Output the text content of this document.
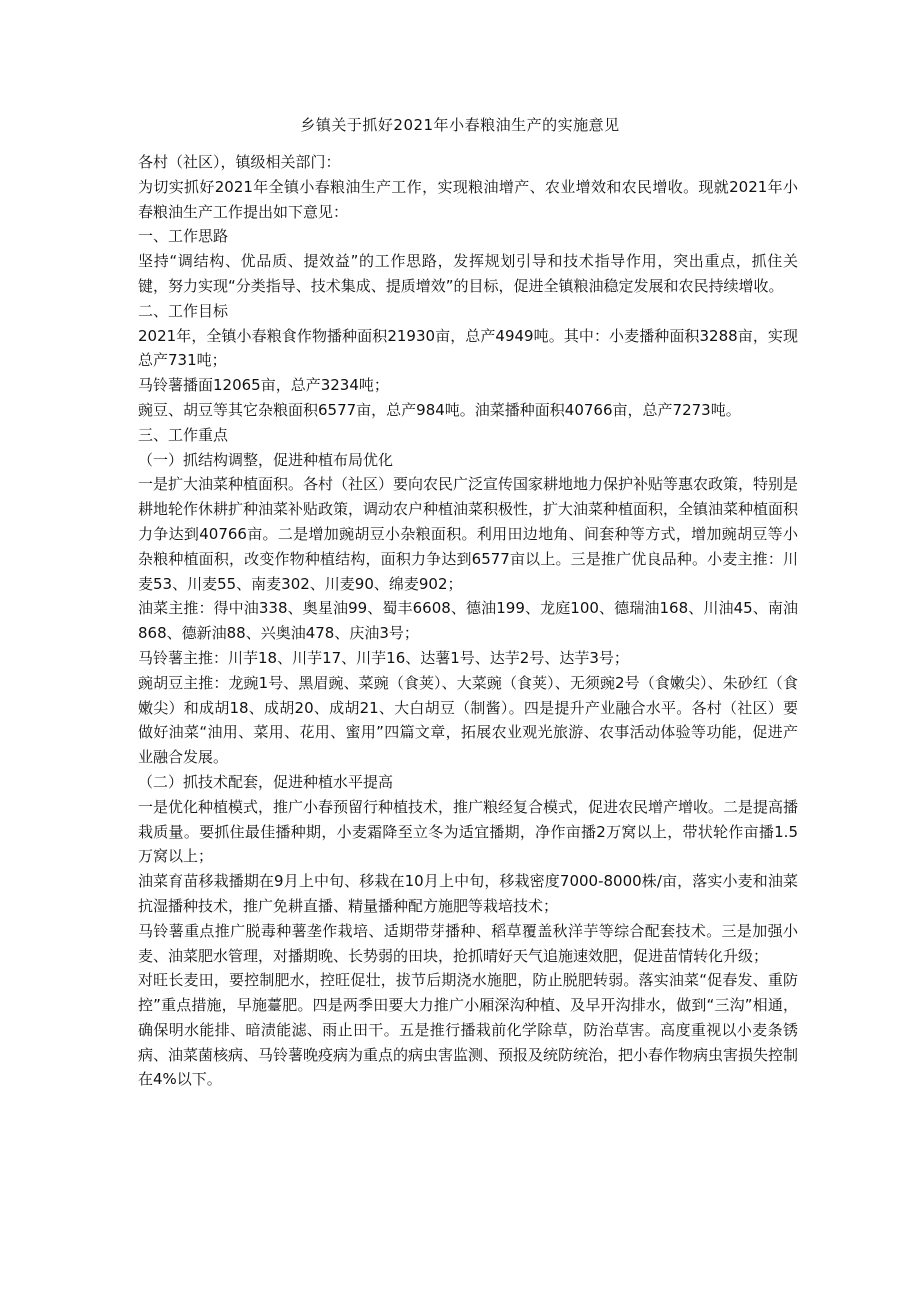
乡镇关于抓好2021年小春粮油生产的实施意见

各村（社区），镇级相关部门：

为切实抓好2021年全镇小春粮油生产工作，实现粮油增产、农业增效和农民增收。现就2021年小春粮油生产工作提出如下意见：

一、工作思路

坚持“调结构、优品质、提效益”的工作思路，发挥规划引导和技术指导作用，突出重点，抓住关键，努力实现“分类指导、技术集成、提质增效”的目标，促进全镇粮油稳定发展和农民持续增收。

二、工作目标

2021年，全镇小春粮食作物播种面积21930亩，总产4949吨。其中：小麦播种面积3288亩，实现总产731吨；

马铃薯播面12065亩，总产3234吨；

豌豆、胡豆等其它杂粮面积6577亩，总产984吨。油菜播种面积40766亩，总产7273吨。

三、工作重点

（一）抓结构调整，促进种植布局优化

一是扩大油菜种植面积。各村（社区）要向农民广泛宣传国家耕地地力保护补贴等惠农政策，特别是耕地轮作休耕扩种油菜补贴政策，调动农户种植油菜积极性，扩大油菜种植面积，全镇油菜种植面积力争达到40766亩。二是增加豌胡豆小杂粮面积。利用田边地角、间套种等方式，增加豌胡豆等小杂粮种植面积，改变作物种植结构，面积力争达到6577亩以上。三是推广优良品种。小麦主推：川麦53、川麦55、南麦302、川麦90、绵麦902；

油菜主推：得中油338、奥星油99、蜀丰6608、德油199、龙庭100、德瑞油168、川油45、南油868、德新油88、兴奥油478、庆油3号；

马铃薯主推：川芋18、川芋17、川芋16、达薯1号、达芋2号、达芋3号；

豌胡豆主推：龙豌1号、黑眉豌、菜豌（食荚）、大菜豌（食荚）、无须豌2号（食嫩尖）、朱砂红（食嫩尖）和成胡18、成胡20、成胡21、大白胡豆（制酱）。四是提升产业融合水平。各村（社区）要做好油菜“油用、菜用、花用、蜜用”四篇文章，拓展农业观光旅游、农事活动体验等功能，促进产业融合发展。

（二）抓技术配套，促进种植水平提高

一是优化种植模式，推广小春预留行种植技术，推广粮经复合模式，促进农民增产增收。二是提高播栽质量。要抓住最佳播种期，小麦霜降至立冬为适宜播期，净作亩播2万窝以上，带状轮作亩播1.5万窝以上；

油菜育苗移栽播期在9月上中旬、移栽在10月上中旬，移栽密度7000-8000株/亩，落实小麦和油菜抗湿播种技术，推广免耕直播、精量播种配方施肥等栽培技术；

马铃薯重点推广脱毒种薯垄作栽培、适期带芽播种、稻草覆盖秋洋芋等综合配套技术。三是加强小麦、油菜肥水管理，对播期晚、长势弱的田块，抢抓晴好天气追施速效肥，促进苗情转化升级；

对旺长麦田，要控制肥水，控旺促壮，拔节后期浇水施肥，防止脱肥转弱。落实油菜“促春发、重防控”重点措施，早施薹肥。四是两季田要大力推广小厢深沟种植、及早开沟排水，做到“三沟”相通，确保明水能排、暗渍能滤、雨止田干。五是推行播栽前化学除草，防治草害。高度重视以小麦条锈病、油菜菌核病、马铃薯晚疫病为重点的病虫害监测、预报及统防统治，把小春作物病虫害损失控制在4%以下。
